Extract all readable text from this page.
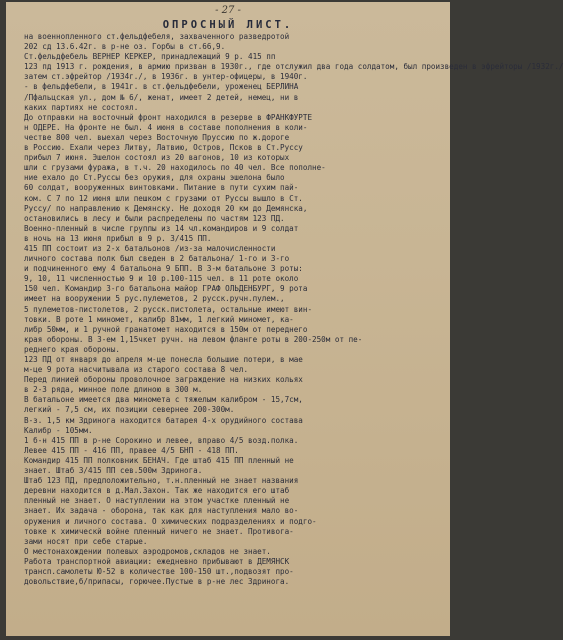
- 27 -
ОПРОСНЫЙ ЛИСТ.
на военнопленного ст.фельдфебеля, захваченного разведротой
202 сд 13.6.42г. в р-не оз. Горбы в ст.66,9.
Ст.фельдфебель ВЕРНЕР КЕРКЕР, принадлежащий 9 р. 415 пп
123 пд 1913 г. рождения, в армию призван в 1930г., где отслужил два года солдатом, был произведен в эфрейторы /1932г./
затем ст.эфрейтор /1934г./, в 1936г. в унтер-офицеры, в 1940г.
- в фельдфебели, в 1941г. в ст.фельдфебели, уроженец БЕРЛИНА
/Пфальцская ул., дом № 6/, женат, имеет 2 детей, немец, ни в
каких партиях не состоял.
До отправки на восточный фронт находился в резерве в ФРАНКФУРТЕ
н ОДЕРЕ. На фронте не был. 4 июня в составе пополнения в коли-
честве 800 чел. выехал через Восточную Пруссию по ж.дороге
в Россию. Ехали через Литву, Латвию, Остров, Псков в Ст.Руссу
прибыл 7 июня. Эшелон состоял из 20 вагонов, 10 из которых
шли с грузами фуража, в т.ч. 20 находилось по 40 чел. Все пополне-
ние ехало до Ст.Руссы без оружия, для охраны эшелона было
60 солдат, вооруженных винтовками. Питание в пути сухим пай-
ком. С 7 по 12 июня шли пешком с грузами от Руссы вышло в Ст.
Руссу/ по направлению к Демянску. Не доходя 20 км до Демянска,
остановились в лесу и были распределены по частям 123 ПД.
Военно-пленный в числе группы из 14 чл.командиров и 9 солдат
в ночь на 13 июня прибыл в 9 р. 3/415 ПП.
415 ПП состоит из 2-х батальонов /из-за малочисленности
личного состава полк был сведен в 2 батальона/ 1-го и 3-го
и подчиненного ему 4 батальона 9 БПП. В 3-м батальоне 3 роты:
9, 10, 11 численностью 9 и 10 р.100-115 чел. в 11 роте около
150 чел. Командир 3-го батальона майор ГРАФ ОЛЬДЕНБУРГ, 9 рота
имеет на вооружении 5 рус.пулеметов, 2 русск.ручн.пулем.,
5 пулеметов-пистолетов, 2 русск.пистолета, остальные имеют вин-
товки. В роте 1 миномет, калибр 81мм, 1 легкий миномет, ка-
либр 50мм, и 1 ручной гранатомет находится в 150м от переднего
края обороны. В 3-ем 1,15чкет ручн. на левом фланге роты в 200-250м от пе-
реднего края обороны.
123 ПД от января до апреля м-це понесла большие потери, в мае
м-це 9 рота насчитывала из старого состава 8 чел.
Перед линией обороны проволочное заграждение на низких кольях
в 2-3 ряда, минное поле длиною в 300 м.
В батальоне имеется два миномета с тяжелым калибром - 15,7см,
легкий - 7,5 см, их позиции севернее 200-300м.
В-з. 1,5 км Здринога находится батарея 4-х орудийного состава
Калибр - 105мм.
1 б-н 415 ПП в р-не Сорокино и левее, вправо 4/5 возд.полка.
Левее 415 ПП - 416 ПП, правее 4/5 БНП - 418 ПП.
Командир 415 ПП полковник БЕНАЧ. Где штаб 415 ПП пленный не
знает. Штаб 3/415 ПП сев.500м Здринога.
Штаб 123 ПД, предположительно, т.н.пленный не знает названия
деревни находится в д.Мал.Захон. Так же находится его штаб
пленный не знает. О наступлении на этом участке пленный не
знает. Их задача - оборона, так как для наступления мало во-
оружения и личного состава. О химических подразделениях и подго-
товке к химическй войне пленный ничего не знает. Противога-
зами носят при себе старые.
О местонахождении полевых аэродромов,складов не знает.
Работа транспортной авиации: ежедневно прибывают в ДЕМЯНСК
трансп.самолеты Ю-52 в количестве 100-150 шт.,подвозят про-
довольствие,б/припасы, горючее.Пустые в р-не лес Здринога.
